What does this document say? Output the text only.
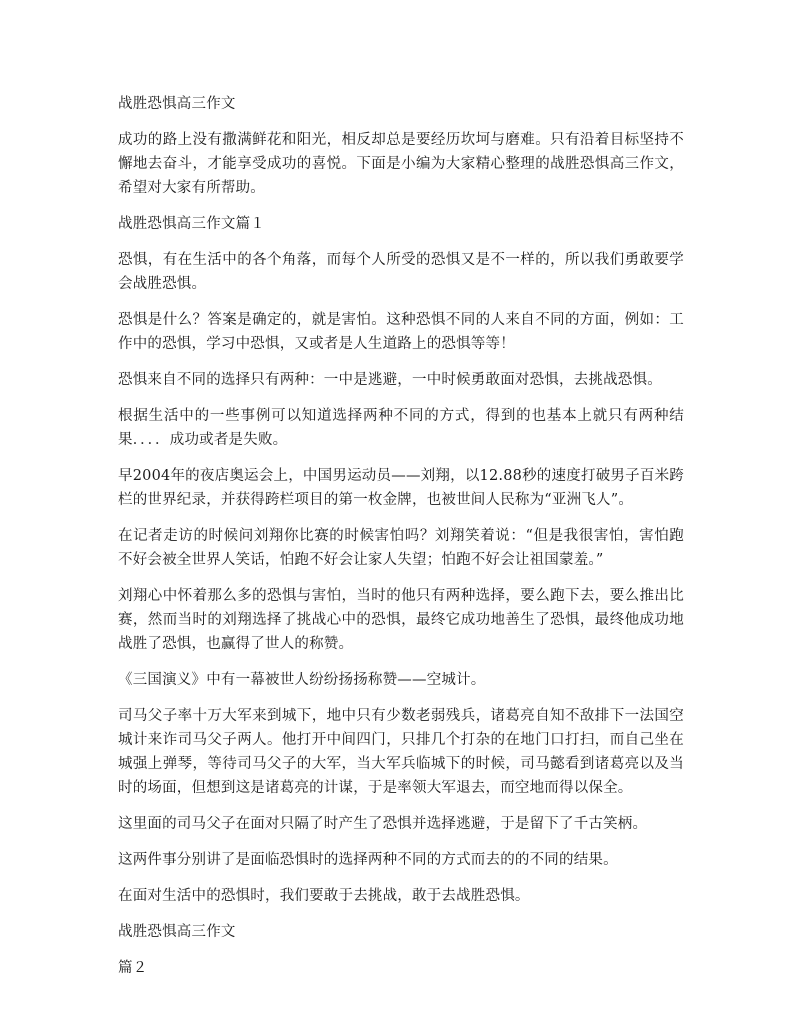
战胜恐惧高三作文

成功的路上没有撒满鲜花和阳光，相反却总是要经历坎坷与磨难。只有沿着目标坚持不懈地去奋斗，才能享受成功的喜悦。下面是小编为大家精心整理的战胜恐惧高三作文，希望对大家有所帮助。

战胜恐惧高三作文篇１

恐惧，有在生活中的各个角落，而每个人所受的恐惧又是不一样的，所以我们勇敢要学会战胜恐惧。

恐惧是什么？答案是确定的，就是害怕。这种恐惧不同的人来自不同的方面，例如：工作中的恐惧，学习中恐惧，又或者是人生道路上的恐惧等等！

恐惧来自不同的选择只有两种：一中是逃避，一中时候勇敢面对恐惧，去挑战恐惧。

根据生活中的一些事例可以知道选择两种不同的方式，得到的也基本上就只有两种结果．．．．成功或者是失败。

早2004年的夜店奥运会上，中国男运动员——刘翔，以12.88秒的速度打破男子百米跨栏的世界纪录，并获得跨栏项目的第一枚金牌，也被世间人民称为“亚洲飞人”。

在记者走访的时候问刘翔你比赛的时候害怕吗？刘翔笑着说：“但是我很害怕，害怕跑不好会被全世界人笑话，怕跑不好会让家人失望；怕跑不好会让祖国蒙羞。”

刘翔心中怀着那么多的恐惧与害怕，当时的他只有两种选择，要么跑下去，要么推出比赛，然而当时的刘翔选择了挑战心中的恐惧，最终它成功地善生了恐惧，最终他成功地战胜了恐惧，也赢得了世人的称赞。

《三国演义》中有一幕被世人纷纷扬扬称赞——空城计。

司马父子率十万大军来到城下，地中只有少数老弱残兵，诸葛亮自知不敌排下一法国空城计来诈司马父子两人。他打开中间四门，只排几个打杂的在地门口打扫，而自己坐在城强上弹琴，等待司马父子的大军，当大军兵临城下的时候，司马懿看到诸葛亮以及当时的场面，但想到这是诸葛亮的计谋，于是率领大军退去，而空地而得以保全。

这里面的司马父子在面对只隔了时产生了恐惧并选择逃避，于是留下了千古笑柄。

这两件事分别讲了是面临恐惧时的选择两种不同的方式而去的的不同的结果。

在面对生活中的恐惧时，我们要敢于去挑战，敢于去战胜恐惧。

战胜恐惧高三作文

篇２
